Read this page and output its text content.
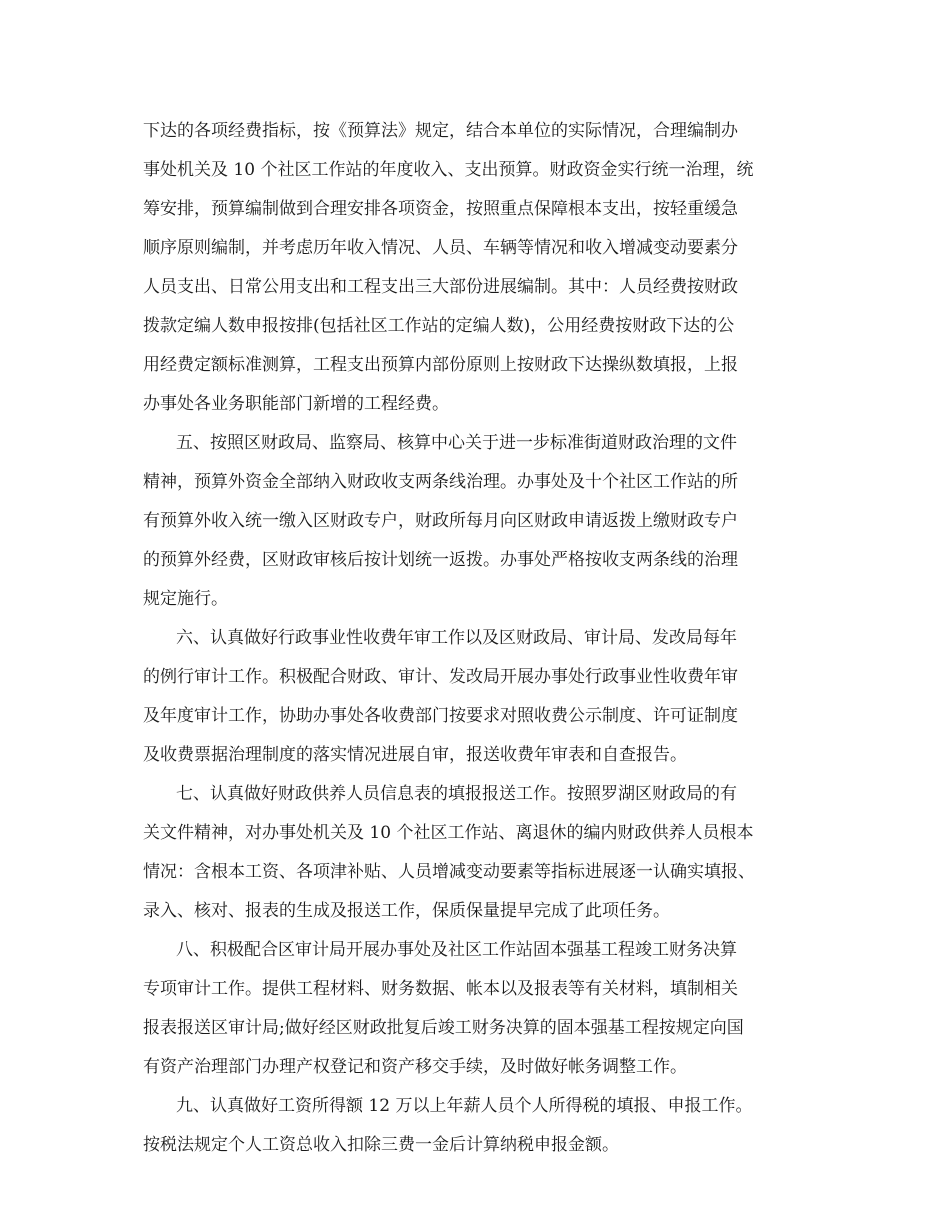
下达的各项经费指标，按《预算法》规定，结合本单位的实际情况，合理编制办
事处机关及 10 个社区工作站的年度收入、支出预算。财政资金实行统一治理，统
筹安排，预算编制做到合理安排各项资金，按照重点保障根本支出，按轻重缓急
顺序原则编制，并考虑历年收入情况、人员、车辆等情况和收入增减变动要素分
人员支出、日常公用支出和工程支出三大部份进展编制。其中：人员经费按财政
拨款定编人数申报按排(包括社区工作站的定编人数)，公用经费按财政下达的公
用经费定额标准测算，工程支出预算内部份原则上按财政下达操纵数填报，上报
办事处各业务职能部门新增的工程经费。
五、按照区财政局、监察局、核算中心关于进一步标准街道财政治理的文件
精神，预算外资金全部纳入财政收支两条线治理。办事处及十个社区工作站的所
有预算外收入统一缴入区财政专户，财政所每月向区财政申请返拨上缴财政专户
的预算外经费，区财政审核后按计划统一返拨。办事处严格按收支两条线的治理
规定施行。
六、认真做好行政事业性收费年审工作以及区财政局、审计局、发改局每年
的例行审计工作。积极配合财政、审计、发改局开展办事处行政事业性收费年审
及年度审计工作，协助办事处各收费部门按要求对照收费公示制度、许可证制度
及收费票据治理制度的落实情况进展自审，报送收费年审表和自查报告。
七、认真做好财政供养人员信息表的填报报送工作。按照罗湖区财政局的有
关文件精神，对办事处机关及 10 个社区工作站、离退休的编内财政供养人员根本
情况：含根本工资、各项津补贴、人员增减变动要素等指标进展逐一认确实填报、
录入、核对、报表的生成及报送工作，保质保量提早完成了此项任务。
八、积极配合区审计局开展办事处及社区工作站固本强基工程竣工财务决算
专项审计工作。提供工程材料、财务数据、帐本以及报表等有关材料，填制相关
报表报送区审计局;做好经区财政批复后竣工财务决算的固本强基工程按规定向国
有资产治理部门办理产权登记和资产移交手续，及时做好帐务调整工作。
九、认真做好工资所得额 12 万以上年薪人员个人所得税的填报、申报工作。
按税法规定个人工资总收入扣除三费一金后计算纳税申报金额。
